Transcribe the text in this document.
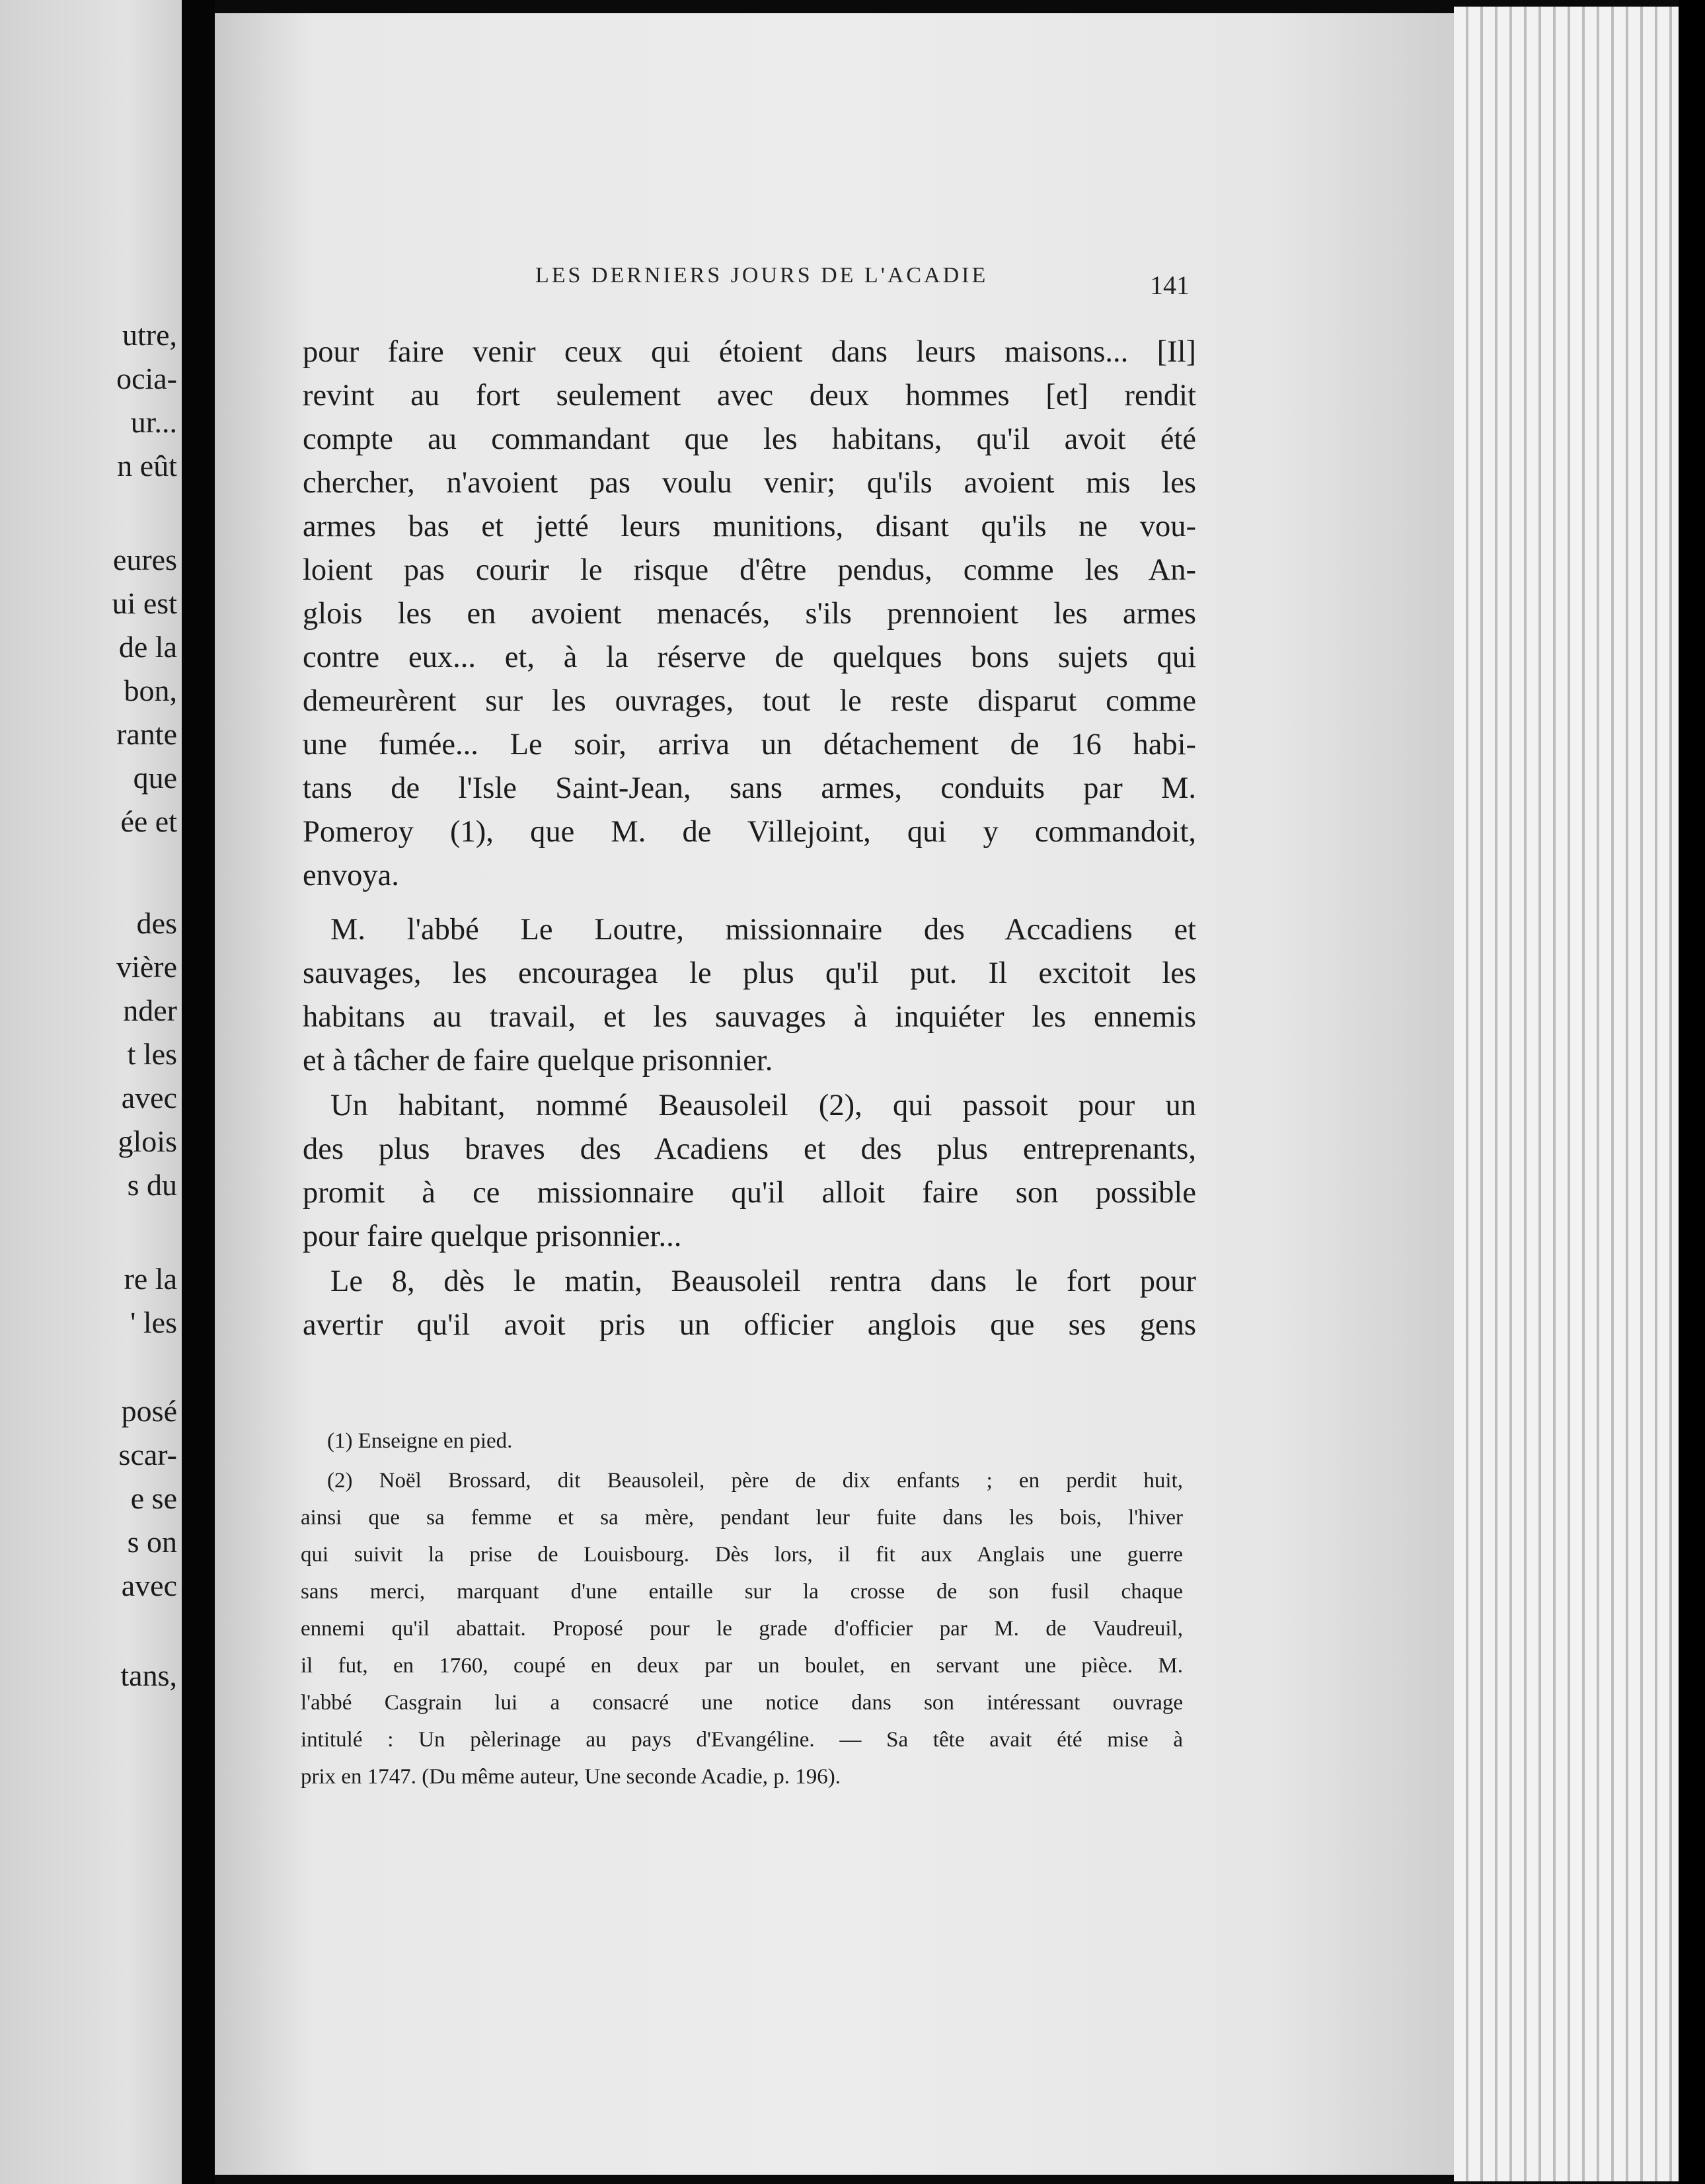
utre,
ocia-
ur...
n eût
eures
ui est
de la
bon,
rante
que
ée et
des
vière
nder
t les
avec
glois
s du
re la
' les
posé
scar-
e se
s on
avec
tans,
LES DERNIERS JOURS DE L'ACADIE	141
pour faire venir ceux qui étoient dans leurs maisons... [Il]
revint au fort seulement avec deux hommes [et] rendit
compte au commandant que les habitans, qu'il avoit été
chercher, n'avoient pas voulu venir; qu'ils avoient mis les
armes bas et jetté leurs munitions, disant qu'ils ne vou-
loient pas courir le risque d'être pendus, comme les An-
glois les en avoient menacés, s'ils prennoient les armes
contre eux... et, à la réserve de quelques bons sujets qui
demeurèrent sur les ouvrages, tout le reste disparut comme
une fumée... Le soir, arriva un détachement de 16 habi-
tans de l'Isle Saint-Jean, sans armes, conduits par M.
Pomeroy (1), que M. de Villejoint, qui y commandoit,
envoya.
M. l'abbé Le Loutre, missionnaire des Accadiens et
sauvages, les encouragea le plus qu'il put. Il excitoit les
habitans au travail, et les sauvages à inquiéter les ennemis
et à tâcher de faire quelque prisonnier.
Un habitant, nommé Beausoleil (2), qui passoit pour un
des plus braves des Acadiens et des plus entreprenants,
promit à ce missionnaire qu'il alloit faire son possible
pour faire quelque prisonnier...
Le 8, dès le matin, Beausoleil rentra dans le fort pour
avertir qu'il avoit pris un officier anglois que ses gens
(1) Enseigne en pied.
(2) Noël Brossard, dit Beausoleil, père de dix enfants ; en perdit huit,
ainsi que sa femme et sa mère, pendant leur fuite dans les bois, l'hiver
qui suivit la prise de Louisbourg. Dès lors, il fit aux Anglais une guerre
sans merci, marquant d'une entaille sur la crosse de son fusil chaque
ennemi qu'il abattait. Proposé pour le grade d'officier par M. de Vaudreuil,
il fut, en 1760, coupé en deux par un boulet, en servant une pièce. M.
l'abbé Casgrain lui a consacré une notice dans son intéressant ouvrage
intitulé : Un pèlerinage au pays d'Evangéline. — Sa tête avait été mise à
prix en 1747. (Du même auteur, Une seconde Acadie, p. 196).
